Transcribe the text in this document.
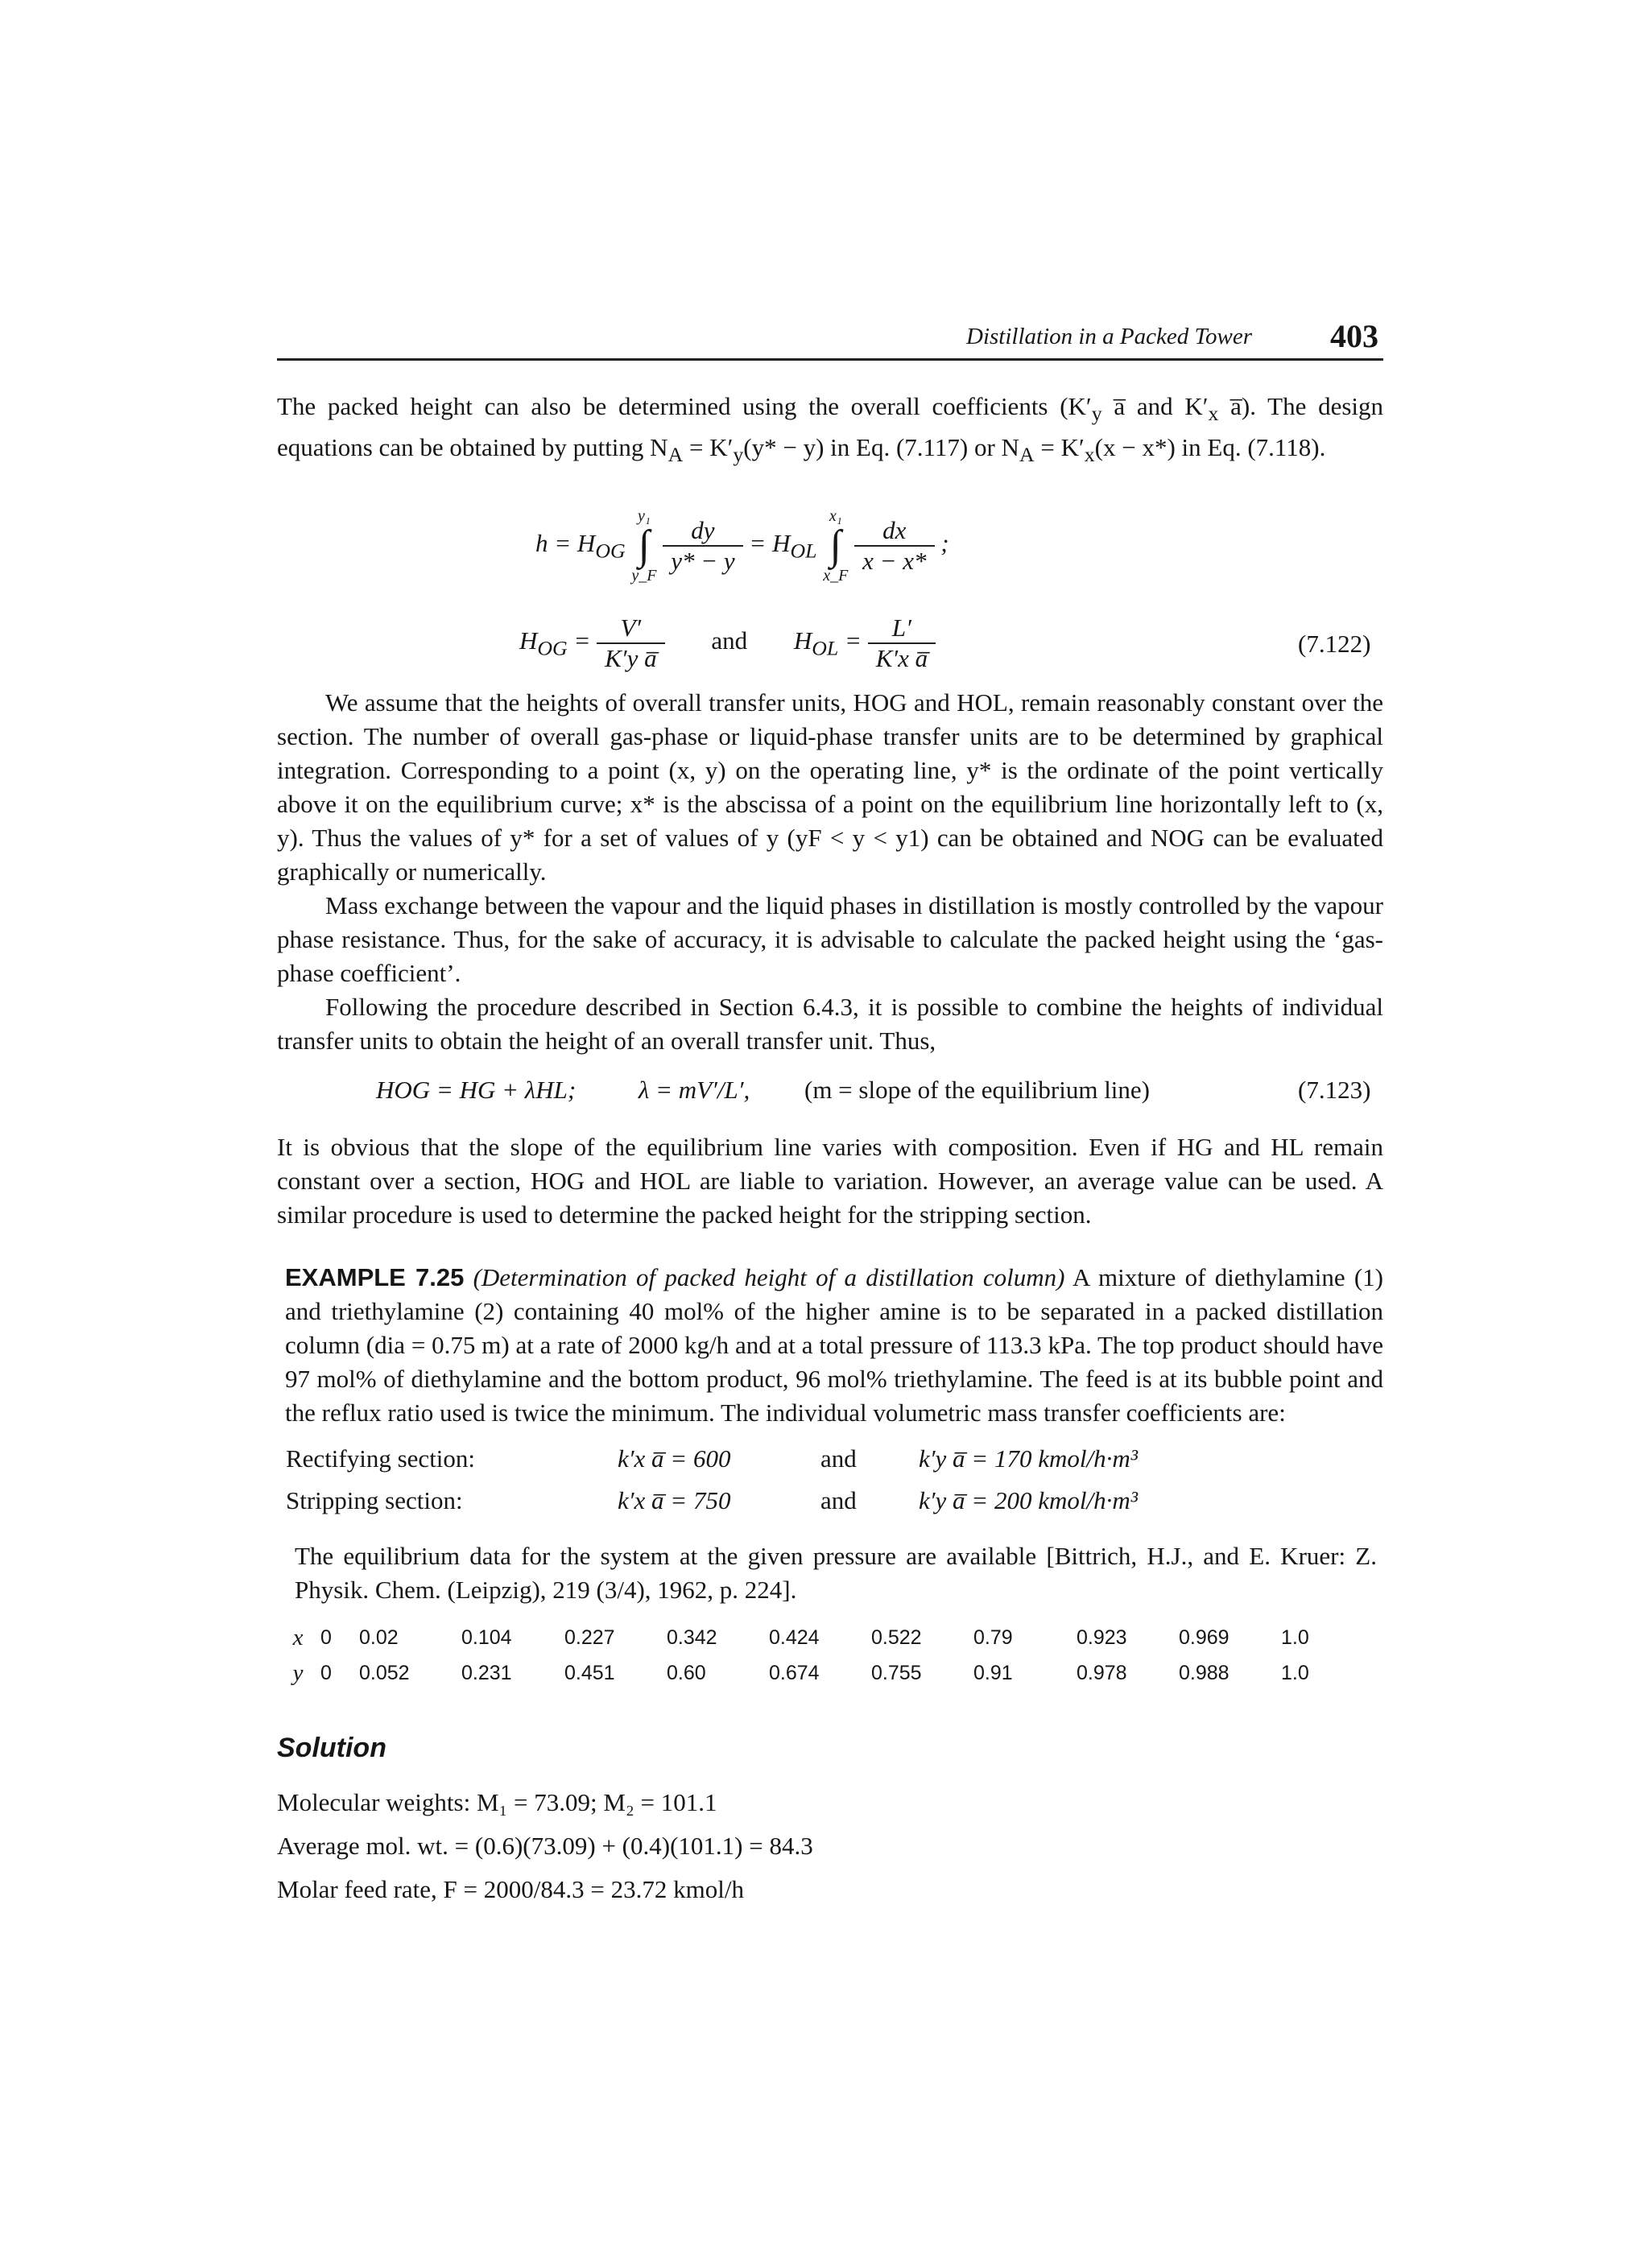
Distillation in a Packed Tower 403

The packed height can also be determined using the overall coefficients ($K'_y$ a̅ and $K'_x$ a̅). The design equations can be obtained by putting $N_A = K'_y(y* - y)$ in Eq. (7.117) or $N_A = K'_x(x - x*)$ in Eq. (7.118).

$h = H_{OG}$
y₁
∫
y_F
$\frac{dy}{y* - y} = H_{OL}$
x₁
∫
x_F
$\frac{dx}{x - x*}$ ;
$H_{OG} = \frac{V'}{\text{K′y a̅}}$ and $H_{OL} = \frac{L'}{\text{K′x a̅}}$	(7.122)

We assume that the heights of overall transfer units, HOG and HOL, remain reasonably constant over the section. The number of overall gas-phase or liquid-phase transfer units are to be determined by graphical integration. Corresponding to a point (x, y) on the operating line, y* is the ordinate of the point vertically above it on the equilibrium curve; x* is the abscissa of a point on the equilibrium line horizontally left to (x, y). Thus the values of y* for a set of values of y (yF < y < y1) can be obtained and NOG can be evaluated graphically or numerically.

Mass exchange between the vapour and the liquid phases in distillation is mostly controlled by the vapour phase resistance. Thus, for the sake of accuracy, it is advisable to calculate the packed height using the ‘gas-phase coefficient’.

Following the procedure described in Section 6.4.3, it is possible to combine the heights of individual transfer units to obtain the height of an overall transfer unit. Thus,

HOG = HG + λHL;	λ = mV′/L′, (m = slope of the equilibrium line)	(7.123)

It is obvious that the slope of the equilibrium line varies with composition. Even if HG and HL remain constant over a section, HOG and HOL are liable to variation. However, an average value can be used. A similar procedure is used to determine the packed height for the stripping section.

EXAMPLE 7.25 (Determination of packed height of a distillation column) A mixture of diethylamine (1) and triethylamine (2) containing 40 mol% of the higher amine is to be separated in a packed distillation column (dia = 0.75 m) at a rate of 2000 kg/h and at a total pressure of 113.3 kPa. The top product should have 97 mol% of diethylamine and the bottom product, 96 mol% triethylamine. The feed is at its bubble point and the reflux ratio used is twice the minimum. The individual volumetric mass transfer coefficients are:

Rectifying section:	k′x a̅ = 600	and	k′y a̅ = 170 kmol/h·m³
Stripping section:	k′x a̅ = 750	and	k′y a̅ = 200 kmol/h·m³

The equilibrium data for the system at the given pressure are available [Bittrich, H.J., and E. Kruer: Z. Physik. Chem. (Leipzig), 219 (3/4), 1962, p. 224].

x	0	0.02	0.104	0.227	0.342	0.424	0.522	0.79	0.923	0.969	1.0
y	0	0.052	0.231	0.451	0.60	0.674	0.755	0.91	0.978	0.988	1.0
Solution
Molecular weights: M₁ = 73.09; M₂ = 101.1
Average mol. wt. = (0.6)(73.09) + (0.4)(101.1) = 84.3
Molar feed rate, F = 2000/84.3 = 23.72 kmol/h
